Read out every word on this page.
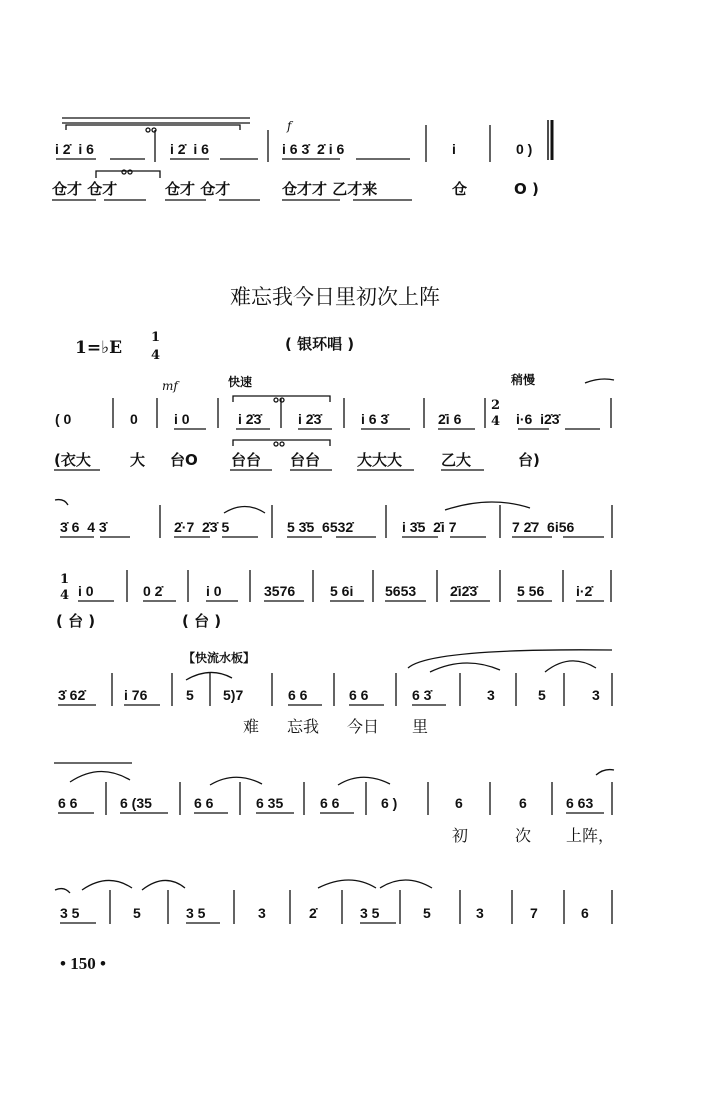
f
i 2̇  i 6	i 2̇  i 6	i 6 3̇  2̇ i 6	i	0 )
仓才 仓才	仓才 仓才	仓才才 乙才来	仓	O )
难忘我今日里初次上阵
1=♭E
1
4
( 银环唱 )
mf	快速	稍慢
( 0	0	i 0	i 2̇3̇	i 2̇3̇	i 6 3̇	2̇i 6
2
4 i·6  i2̇3̇
(衣大	大 台O 台台 台台 大大大	乙大	台)
3̇ 6  4 3̇	2̇·7  2̇3̇ 5	5 3̇5  6532̇	i 3̇5  2̇i 7	7 2̇7  6i56
1
4 i 0	0 2̇	i 0	3576 5 6i 5653 2̇i2̇3̇	5 56 i·2̇
( 台 )	( 台 )
【快流水板】
3̇ 62̇	i 76	5 5)7	6 6	6 6	6 3̇	3	5	3
难 忘我 今日 里
6 6	6 (35	6 6	6 35	6 6	6 )	6	6	6 63
初	次 上阵，
3 5	5	3 5	3	2̇	3 5	5	3	7	6
• 150 •
